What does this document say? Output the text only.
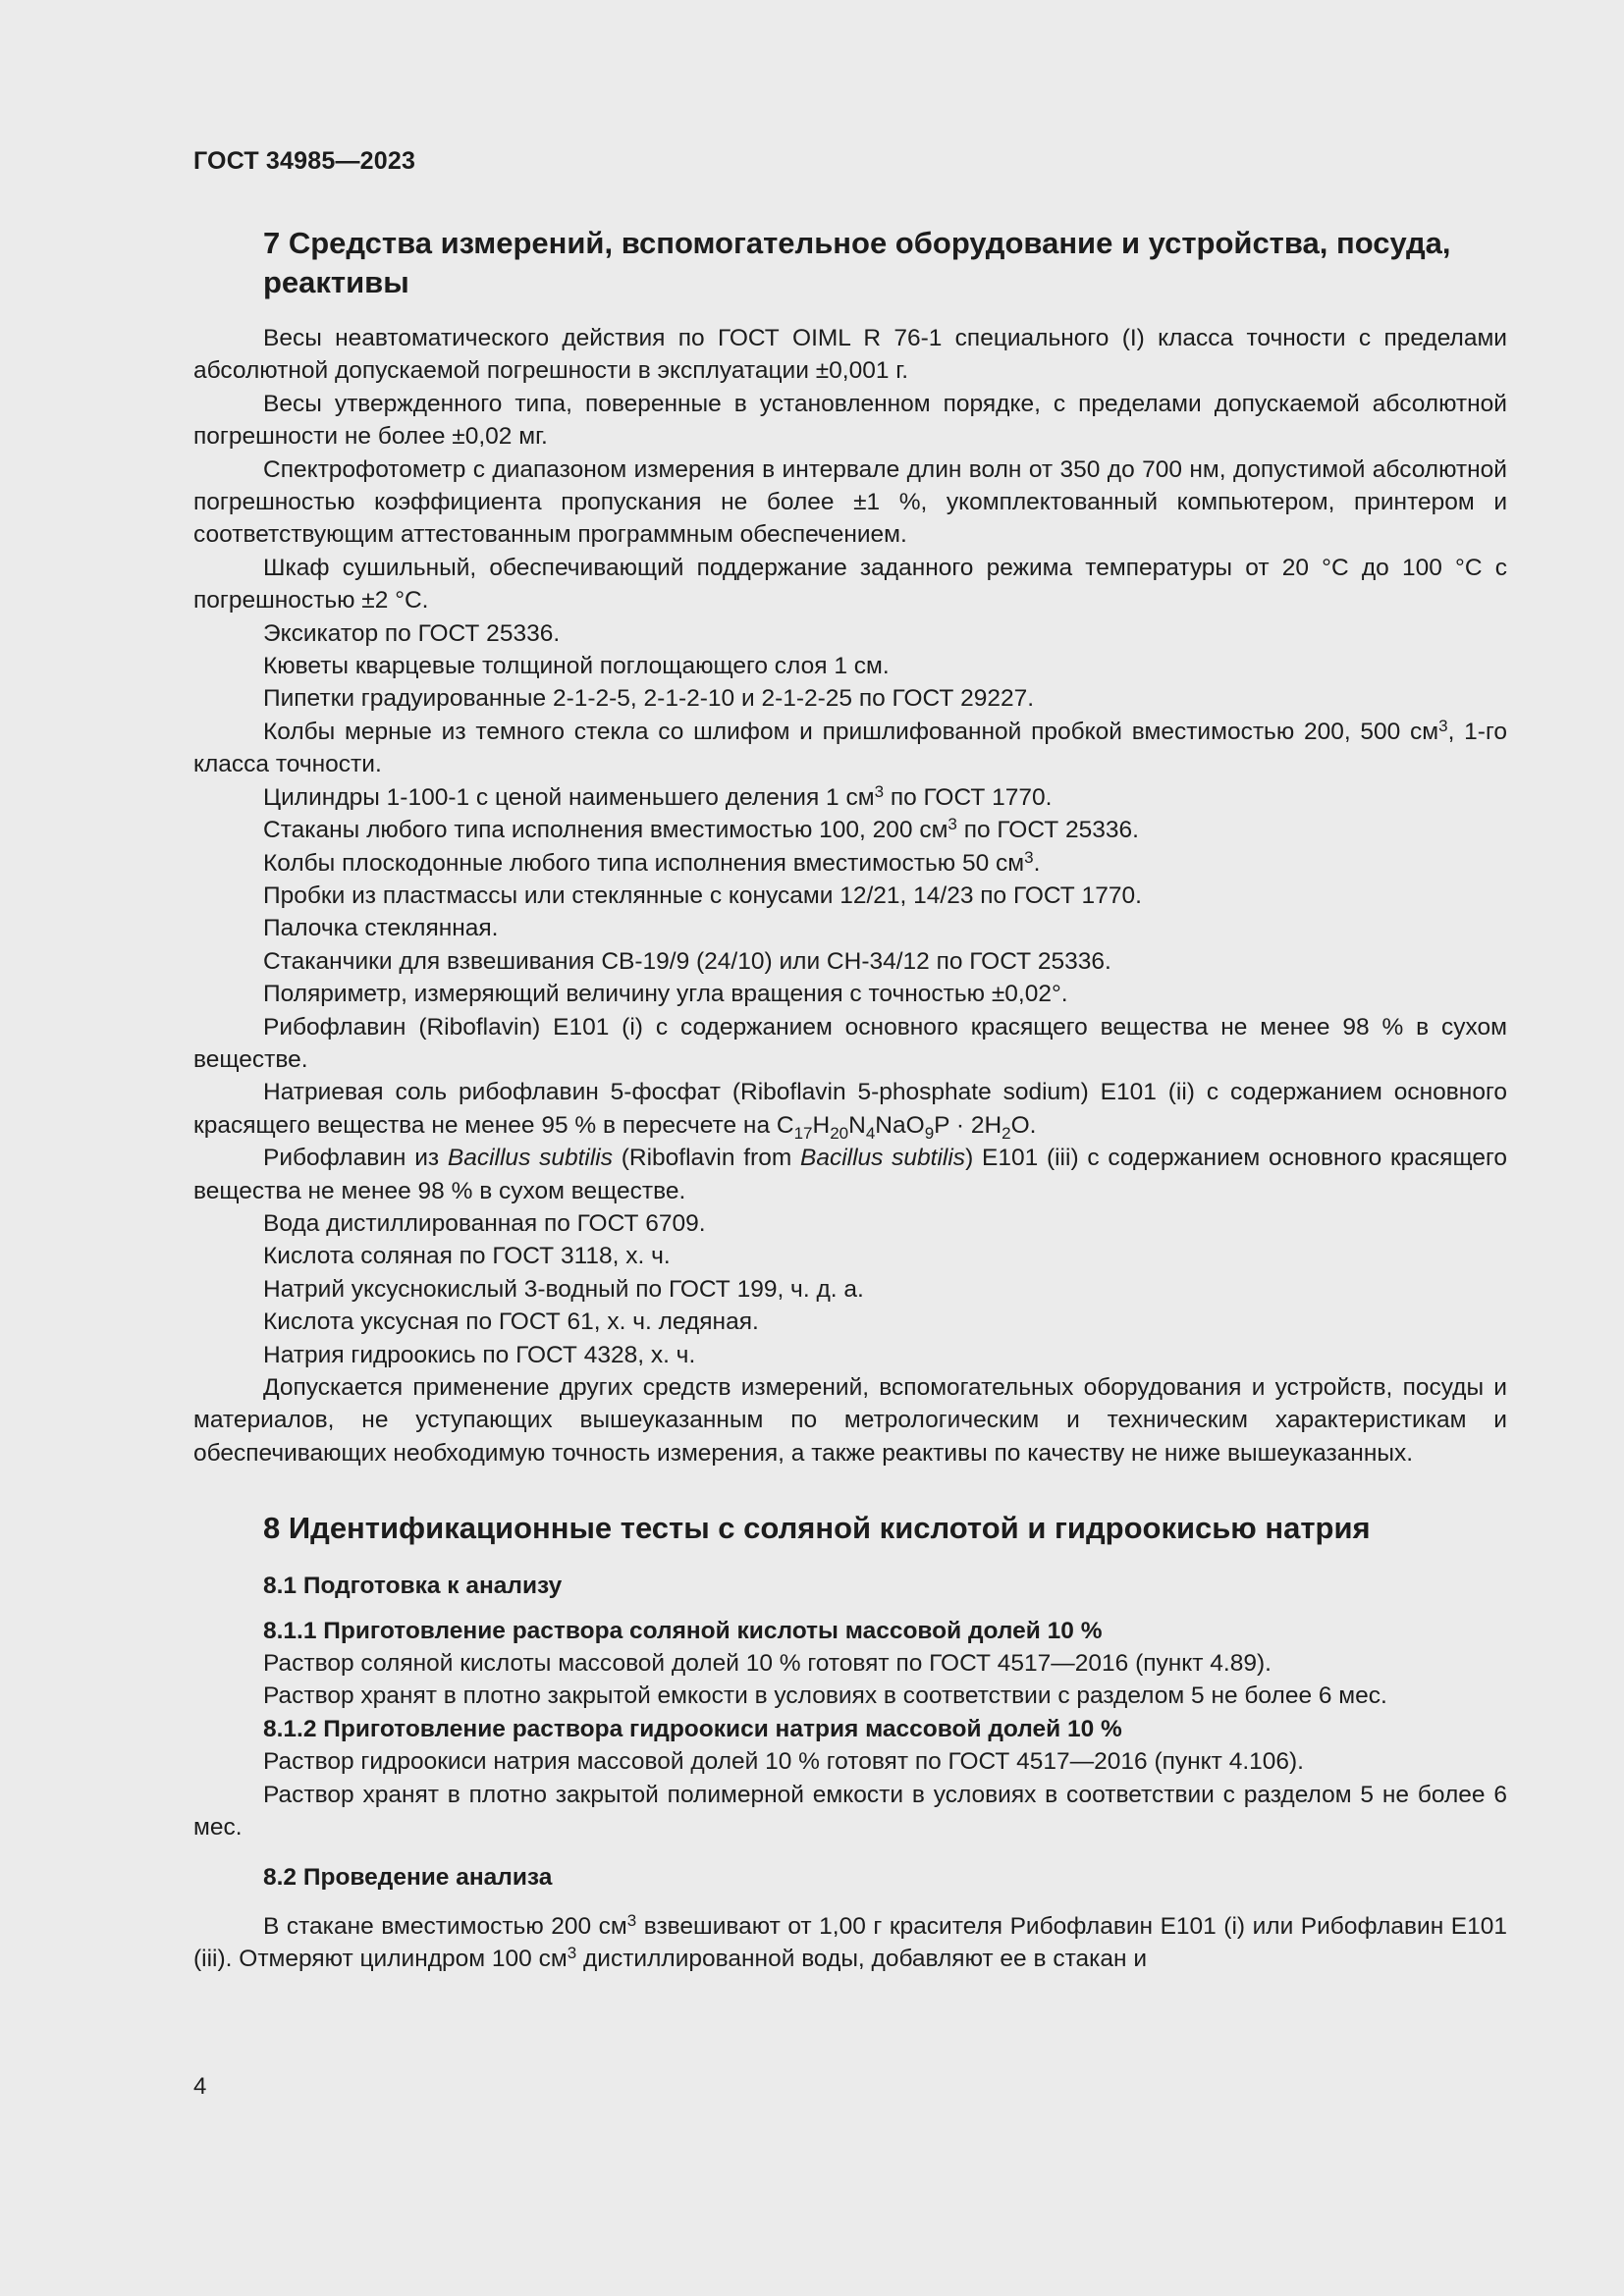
ГОСТ 34985—2023
7 Средства измерений, вспомогательное оборудование и устройства, посуда, реактивы

Весы неавтоматического действия по ГОСТ OIML R 76-1 специального (I) класса точности с пределами абсолютной допускаемой погрешности в эксплуатации ±0,001 г.

Весы утвержденного типа, поверенные в установленном порядке, с пределами допускаемой абсолютной погрешности не более ±0,02 мг.

Спектрофотометр с диапазоном измерения в интервале длин волн от 350 до 700 нм, допустимой абсолютной погрешностью коэффициента пропускания не более ±1 %, укомплектованный компьютером, принтером и соответствующим аттестованным программным обеспечением.

Шкаф сушильный, обеспечивающий поддержание заданного режима температуры от 20 °С до 100 °С с погрешностью ±2 °С.

Эксикатор по ГОСТ 25336.

Кюветы кварцевые толщиной поглощающего слоя 1 см.

Пипетки градуированные 2-1-2-5, 2-1-2-10 и 2-1-2-25 по ГОСТ 29227.

Колбы мерные из темного стекла со шлифом и пришлифованной пробкой вместимостью 200, 500 $см^3$, 1-го класса точности.

Цилиндры 1-100-1 с ценой наименьшего деления 1 $см^3$ по ГОСТ 1770.

Стаканы любого типа исполнения вместимостью 100, 200 $см^3$ по ГОСТ 25336.

Колбы плоскодонные любого типа исполнения вместимостью 50 $см^3$.

Пробки из пластмассы или стеклянные с конусами 12/21, 14/23 по ГОСТ 1770.

Палочка стеклянная.

Стаканчики для взвешивания СВ-19/9 (24/10) или СН-34/12 по ГОСТ 25336.

Поляриметр, измеряющий величину угла вращения с точностью ±0,02°.

Рибофлавин (Riboflavin) Е101 (i) с содержанием основного красящего вещества не менее 98 % в сухом веществе.

Натриевая соль рибофлавин 5-фосфат (Riboflavin 5-phosphate sodium) Е101 (ii) с содержанием основного красящего вещества не менее 95 % в пересчете на $C_{17}H_{20}N_4NaO_9P \cdot 2H_2O$.

Рибофлавин из Bacillus subtilis (Riboflavin from Bacillus subtilis) Е101 (iii) с содержанием основного красящего вещества не менее 98 % в сухом веществе.

Вода дистиллированная по ГОСТ 6709.

Кислота соляная по ГОСТ 3118, х. ч.

Натрий уксуснокислый 3-водный по ГОСТ 199, ч. д. а.

Кислота уксусная по ГОСТ 61, х. ч. ледяная.

Натрия гидроокись по ГОСТ 4328, х. ч.

Допускается применение других средств измерений, вспомогательных оборудования и устройств, посуды и материалов, не уступающих вышеуказанным по метрологическим и техническим характеристикам и обеспечивающих необходимую точность измерения, а также реактивы по качеству не ниже вышеуказанных.

8 Идентификационные тесты с соляной кислотой и гидроокисью натрия
8.1 Подготовка к анализу
8.1.1 Приготовление раствора соляной кислоты массовой долей 10 %

Раствор соляной кислоты массовой долей 10 % готовят по ГОСТ 4517—2016 (пункт 4.89).

Раствор хранят в плотно закрытой емкости в условиях в соответствии с разделом 5 не более 6 мес.

8.1.2 Приготовление раствора гидроокиси натрия массовой долей 10 %

Раствор гидроокиси натрия массовой долей 10 % готовят по ГОСТ 4517—2016 (пункт 4.106).

Раствор хранят в плотно закрытой полимерной емкости в условиях в соответствии с разделом 5 не более 6 мес.

8.2 Проведение анализа

В стакане вместимостью 200 $см^3$ взвешивают от 1,00 г красителя Рибофлавин Е101 (i) или Рибофлавин Е101 (iii). Отмеряют цилиндром 100 $см^3$ дистиллированной воды, добавляют ее в стакан и

4
